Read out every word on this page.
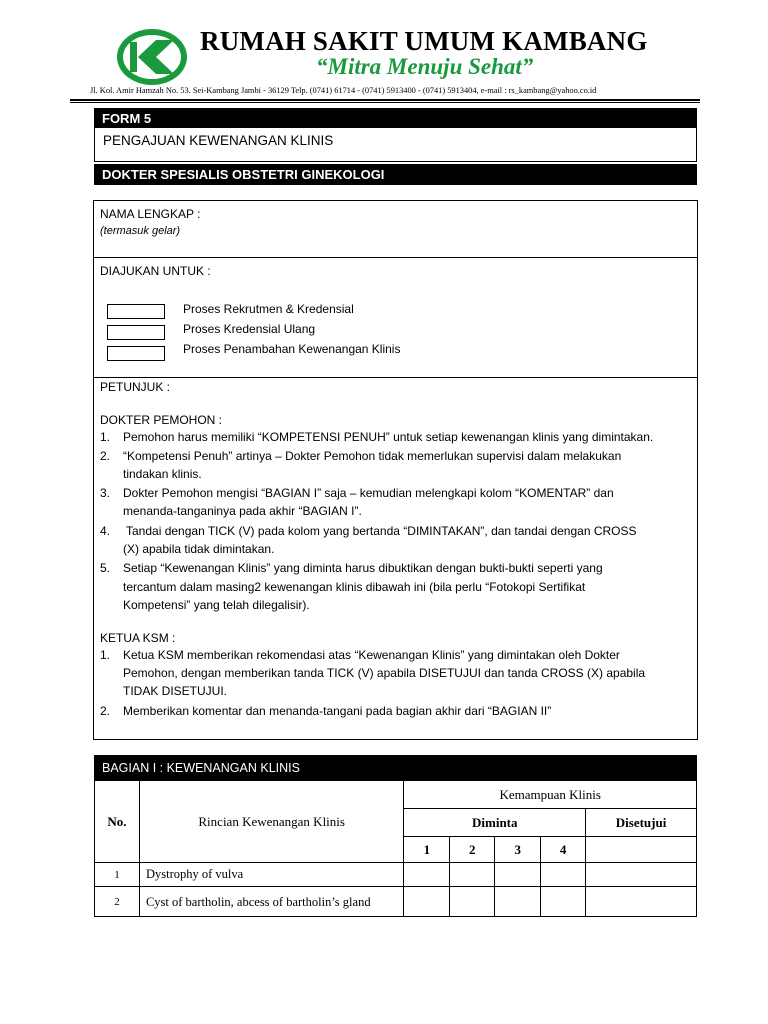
RUMAH SAKIT UMUM KAMBANG
“Mitra Menuju Sehat”
Jl. Kol. Amir Hamzah No. 53. Sei-Kambang Jambi - 36129 Telp. (0741) 61714 - (0741) 5913400 - (0741) 5913404, e-mail : rs_kambang@yahoo.co.id
FORM 5
PENGAJUAN KEWENANGAN KLINIS
DOKTER SPESIALIS OBSTETRI GINEKOLOGI
NAMA LENGKAP :
(termasuk gelar)
DIAJUKAN UNTUK :
Proses Rekrutmen & Kredensial
Proses Kredensial Ulang
Proses Penambahan Kewenangan Klinis
PETUNJUK :
DOKTER PEMOHON :
1. Pemohon harus memiliki “KOMPETENSI PENUH” untuk setiap kewenangan klinis yang dimintakan.
2. “Kompetensi Penuh” artinya – Dokter Pemohon tidak memerlukan supervisi dalam melakukan
tindakan klinis.
3. Dokter Pemohon mengisi “BAGIAN I” saja – kemudian melengkapi kolom “KOMENTAR” dan
menanda-tanganinya pada akhir “BAGIAN I”.
4. Tandai dengan TICK (V) pada kolom yang bertanda “DIMINTAKAN”, dan tandai dengan CROSS
(X) apabila tidak dimintakan.
5. Setiap “Kewenangan Klinis” yang diminta harus dibuktikan dengan bukti-bukti seperti yang
tercantum dalam masing2 kewenangan klinis dibawah ini (bila perlu “Fotokopi Sertifikat
Kompetensi” yang telah dilegalisir).
KETUA KSM :
1. Ketua KSM memberikan rekomendasi atas “Kewenangan Klinis” yang dimintakan oleh Dokter
Pemohon, dengan memberikan tanda TICK (V) apabila DISETUJUI dan tanda CROSS (X) apabila
TIDAK DISETUJUI.
2. Memberikan komentar dan menanda-tangani pada bagian akhir dari “BAGIAN II”
BAGIAN I : KEWENANGAN KLINIS
No.	Rincian Kewenangan Klinis	Kemampuan Klinis				
		Diminta				Disetujui
		1	2	3	4	
1	Dystrophy of vulva					
2	Cyst of bartholin, abcess of bartholin’s gland					
